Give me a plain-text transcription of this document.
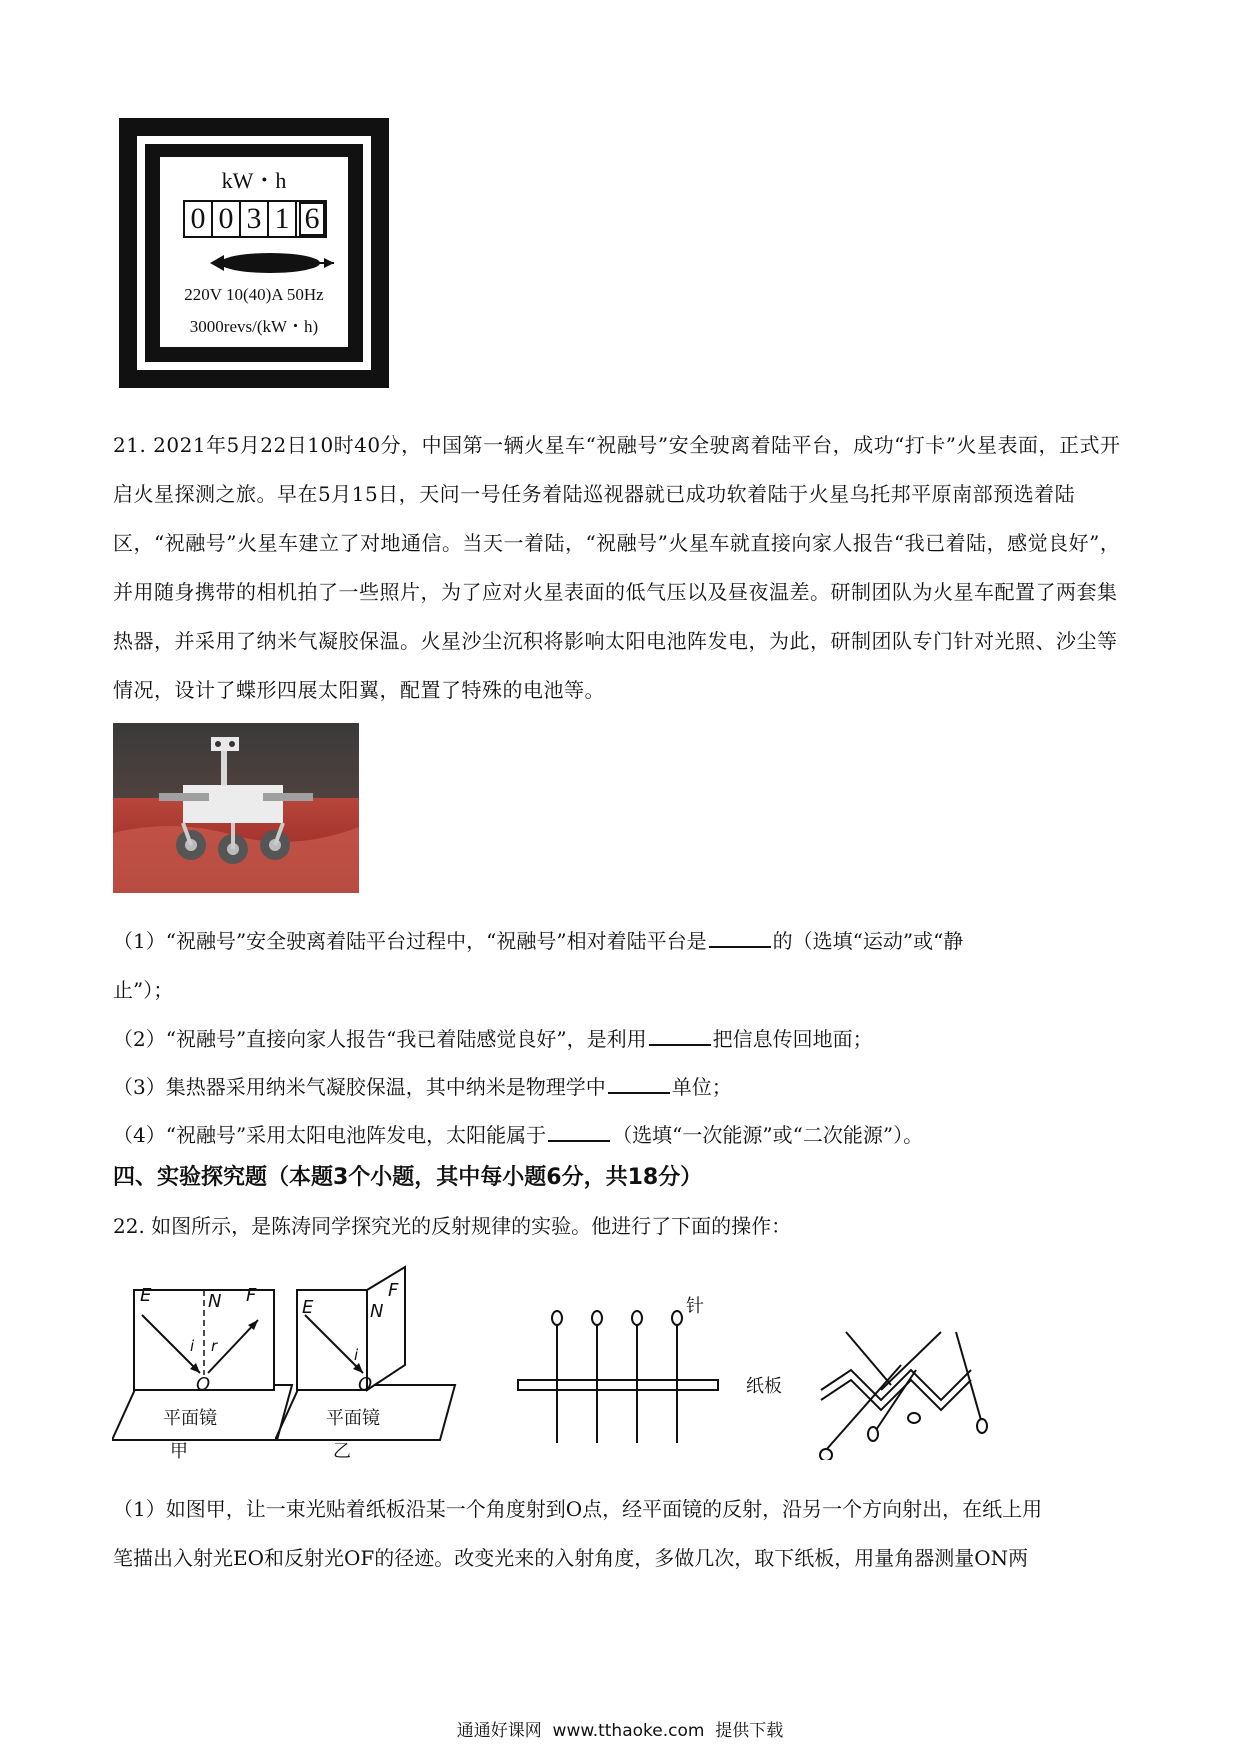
kW・h
0 0 3 1 6
220V 10(40)A 50Hz
3000revs/(kW・h)
21. 2021年5月22日10时40分，中国第一辆火星车“祝融号”安全驶离着陆平台，成功“打卡”火星表面，正式开启火星探测之旅。早在5月15日，天问一号任务着陆巡视器就已成功软着陆于火星乌托邦平原南部预选着陆区，“祝融号”火星车建立了对地通信。当天一着陆，“祝融号”火星车就直接向家人报告“我已着陆，感觉良好”，并用随身携带的相机拍了一些照片，为了应对火星表面的低气压以及昼夜温差。研制团队为火星车配置了两套集热器，并采用了纳米气凝胶保温。火星沙尘沉积将影响太阳电池阵发电，为此，研制团队专门针对光照、沙尘等情况，设计了蝶形四展太阳翼，配置了特殊的电池等。
（1）“祝融号”安全驶离着陆平台过程中，“祝融号”相对着陆平台是	的（选填“运动”或“静
止”）；
（2）“祝融号”直接向家人报告“我已着陆感觉良好”，是利用	把信息传回地面；
（3）集热器采用纳米气凝胶保温，其中纳米是物理学中	单位；
（4）“祝融号”采用太阳电池阵发电，太阳能属于	（选填“一次能源”或“二次能源”）。
四、实验探究题（本题3个小题，其中每小题6分，共18分）
22. 如图所示，是陈涛同学探究光的反射规律的实验。他进行了下面的操作：
E	N F
i r
O
平面镜
甲
E	N
F
i
O
平面镜
乙
针
纸板
（1）如图甲，让一束光贴着纸板沿某一个角度射到O点，经平面镜的反射，沿另一个方向射出，在纸上用
笔描出入射光EO和反射光OF的径迹。改变光来的入射角度，多做几次，取下纸板，用量角器测量ON两
通通好课网 www.tthaoke.com 提供下载
